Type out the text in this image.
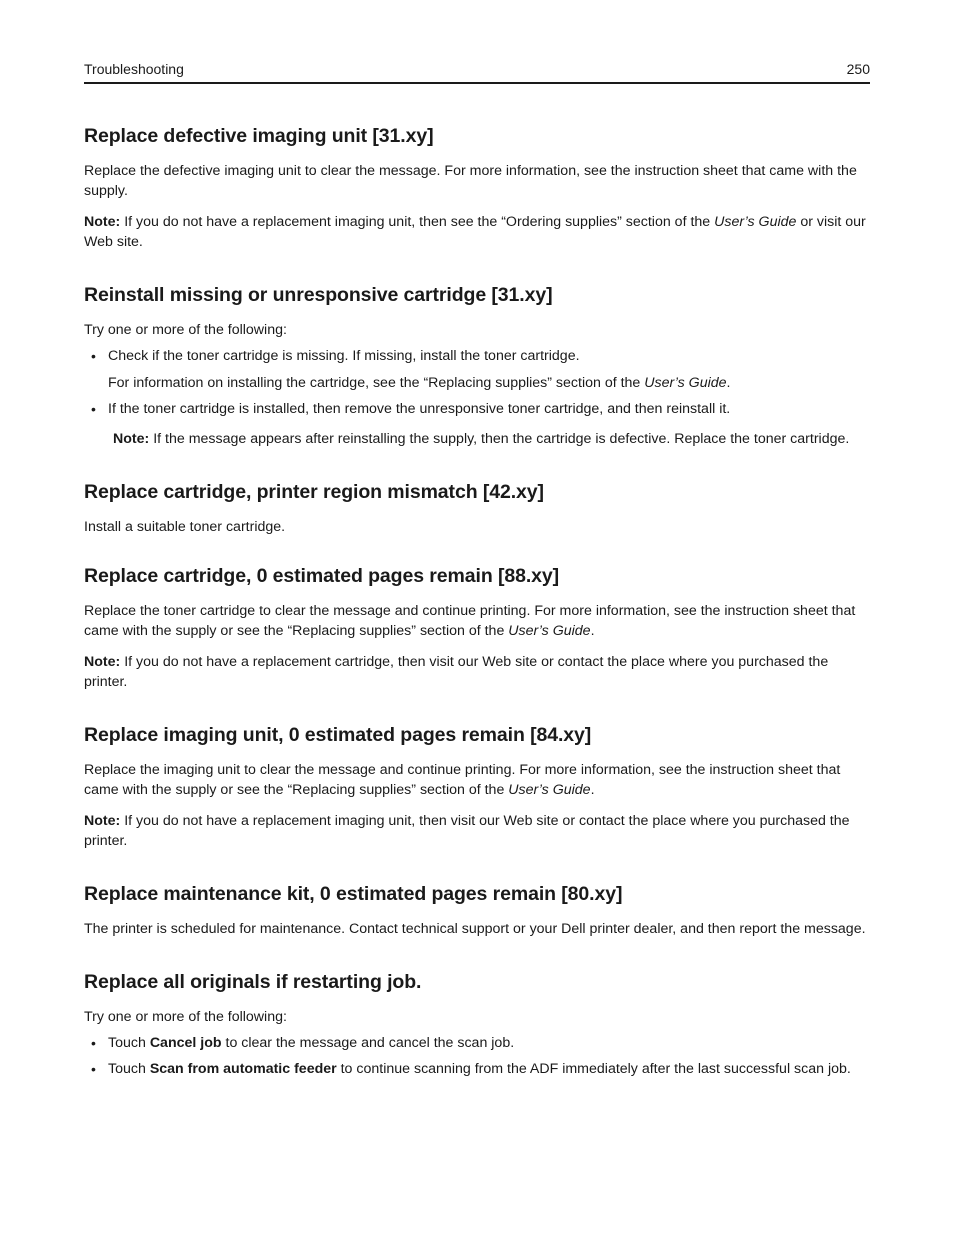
Troubleshooting	250
Replace defective imaging unit [31.xy]

Replace the defective imaging unit to clear the message. For more information, see the instruction sheet that came with the supply.

Note: If you do not have a replacement imaging unit, then see the “Ordering supplies” section of the User’s Guide or visit our Web site.

Reinstall missing or unresponsive cartridge [31.xy]

Try one or more of the following:

• Check if the toner cartridge is missing. If missing, install the toner cartridge.
For information on installing the cartridge, see the “Replacing supplies” section of the User’s Guide.
• If the toner cartridge is installed, then remove the unresponsive toner cartridge, and then reinstall it.
Note: If the message appears after reinstalling the supply, then the cartridge is defective. Replace the toner cartridge.
Replace cartridge, printer region mismatch [42.xy]

Install a suitable toner cartridge.

Replace cartridge, 0 estimated pages remain [88.xy]

Replace the toner cartridge to clear the message and continue printing. For more information, see the instruction sheet that came with the supply or see the “Replacing supplies” section of the User’s Guide.

Note: If you do not have a replacement cartridge, then visit our Web site or contact the place where you purchased the printer.

Replace imaging unit, 0 estimated pages remain [84.xy]

Replace the imaging unit to clear the message and continue printing. For more information, see the instruction sheet that came with the supply or see the “Replacing supplies” section of the User’s Guide.

Note: If you do not have a replacement imaging unit, then visit our Web site or contact the place where you purchased the printer.

Replace maintenance kit, 0 estimated pages remain [80.xy]

The printer is scheduled for maintenance. Contact technical support or your Dell printer dealer, and then report the message.

Replace all originals if restarting job.

Try one or more of the following:

• Touch Cancel job to clear the message and cancel the scan job.
• Touch Scan from automatic feeder to continue scanning from the ADF immediately after the last successful scan job.
